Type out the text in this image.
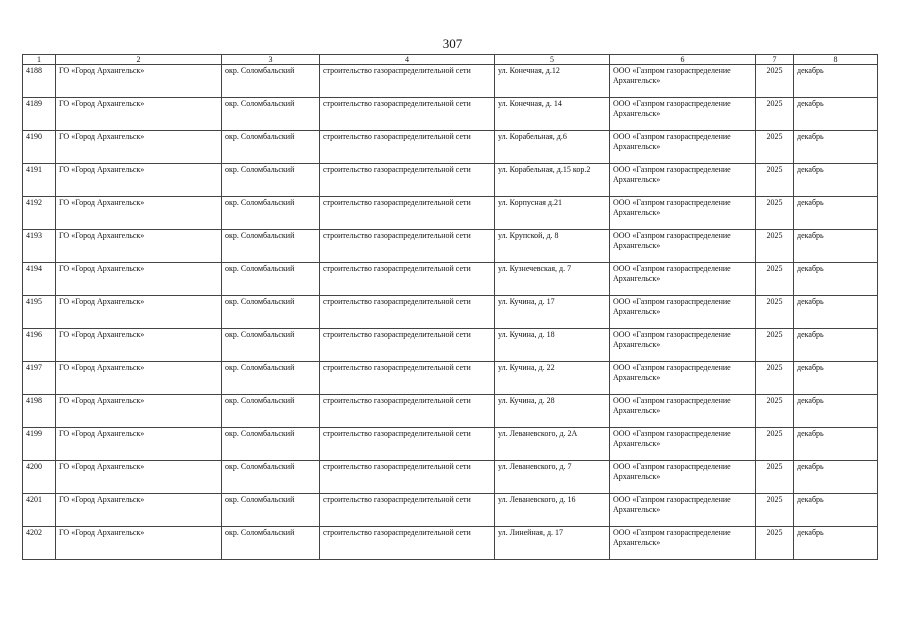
307
1	2	3	4	5	6	7	8
4188	ГО «Город Архангельск»	окр. Соломбальский	строительство газораспределительной сети	ул. Конечная, д.12	ООО «Газпром газораспределение Архангельск»	2025	декабрь
4189	ГО «Город Архангельск»	окр. Соломбальский	строительство газораспределительной сети	ул. Конечная, д. 14	ООО «Газпром газораспределение Архангельск»	2025	декабрь
4190	ГО «Город Архангельск»	окр. Соломбальский	строительство газораспределительной сети	ул. Корабельная, д.6	ООО «Газпром газораспределение Архангельск»	2025	декабрь
4191	ГО «Город Архангельск»	окр. Соломбальский	строительство газораспределительной сети	ул. Корабельная, д.15 кор.2	ООО «Газпром газораспределение Архангельск»	2025	декабрь
4192	ГО «Город Архангельск»	окр. Соломбальский	строительство газораспределительной сети	ул. Корпусная д.21	ООО «Газпром газораспределение Архангельск»	2025	декабрь
4193	ГО «Город Архангельск»	окр. Соломбальский	строительство газораспределительной сети	ул. Крупской, д. 8	ООО «Газпром газораспределение Архангельск»	2025	декабрь
4194	ГО «Город Архангельск»	окр. Соломбальский	строительство газораспределительной сети	ул. Кузнечевская, д. 7	ООО «Газпром газораспределение Архангельск»	2025	декабрь
4195	ГО «Город Архангельск»	окр. Соломбальский	строительство газораспределительной сети	ул. Кучина, д. 17	ООО «Газпром газораспределение Архангельск»	2025	декабрь
4196	ГО «Город Архангельск»	окр. Соломбальский	строительство газораспределительной сети	ул. Кучина, д. 18	ООО «Газпром газораспределение Архангельск»	2025	декабрь
4197	ГО «Город Архангельск»	окр. Соломбальский	строительство газораспределительной сети	ул. Кучина, д. 22	ООО «Газпром газораспределение Архангельск»	2025	декабрь
4198	ГО «Город Архангельск»	окр. Соломбальский	строительство газораспределительной сети	ул. Кучина, д. 28	ООО «Газпром газораспределение Архангельск»	2025	декабрь
4199	ГО «Город Архангельск»	окр. Соломбальский	строительство газораспределительной сети	ул. Леваневского, д. 2А	ООО «Газпром газораспределение Архангельск»	2025	декабрь
4200	ГО «Город Архангельск»	окр. Соломбальский	строительство газораспределительной сети	ул. Леваневского, д. 7	ООО «Газпром газораспределение Архангельск»	2025	декабрь
4201	ГО «Город Архангельск»	окр. Соломбальский	строительство газораспределительной сети	ул. Леваневского, д. 16	ООО «Газпром газораспределение Архангельск»	2025	декабрь
4202	ГО «Город Архангельск»	окр. Соломбальский	строительство газораспределительной сети	ул. Линейная, д. 17	ООО «Газпром газораспределение Архангельск»	2025	декабрь
